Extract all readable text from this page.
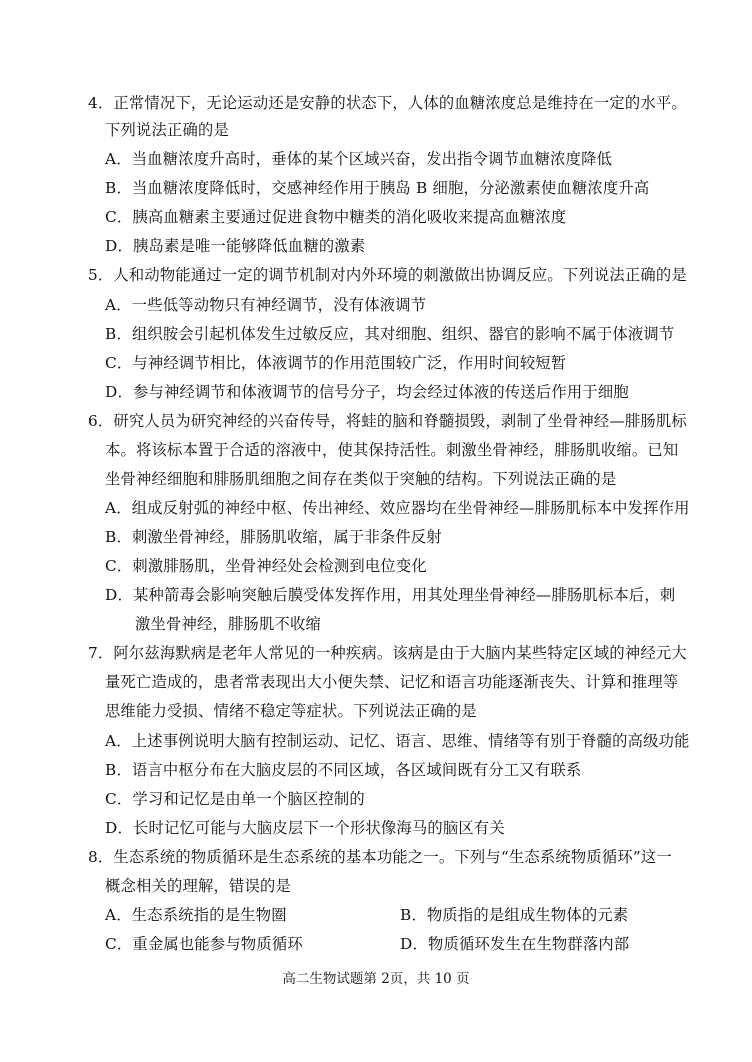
4．正常情况下，无论运动还是安静的状态下，人体的血糖浓度总是维持在一定的水平。
下列说法正确的是
A．当血糖浓度升高时，垂体的某个区域兴奋，发出指令调节血糖浓度降低
B．当血糖浓度降低时，交感神经作用于胰岛 B 细胞，分泌激素使血糖浓度升高
C．胰高血糖素主要通过促进食物中糖类的消化吸收来提高血糖浓度
D．胰岛素是唯一能够降低血糖的激素
5．人和动物能通过一定的调节机制对内外环境的刺激做出协调反应。下列说法正确的是
A．一些低等动物只有神经调节，没有体液调节
B．组织胺会引起机体发生过敏反应，其对细胞、组织、器官的影响不属于体液调节
C．与神经调节相比，体液调节的作用范围较广泛，作用时间较短暂
D．参与神经调节和体液调节的信号分子，均会经过体液的传送后作用于细胞
6．研究人员为研究神经的兴奋传导，将蛙的脑和脊髓损毁，剥制了坐骨神经—腓肠肌标
本。将该标本置于合适的溶液中，使其保持活性。刺激坐骨神经，腓肠肌收缩。已知
坐骨神经细胞和腓肠肌细胞之间存在类似于突触的结构。下列说法正确的是
A．组成反射弧的神经中枢、传出神经、效应器均在坐骨神经—腓肠肌标本中发挥作用
B．刺激坐骨神经，腓肠肌收缩，属于非条件反射
C．刺激腓肠肌，坐骨神经处会检测到电位变化
D．某种箭毒会影响突触后膜受体发挥作用，用其处理坐骨神经—腓肠肌标本后，刺
激坐骨神经，腓肠肌不收缩
7．阿尔兹海默病是老年人常见的一种疾病。该病是由于大脑内某些特定区域的神经元大
量死亡造成的，患者常表现出大小便失禁、记忆和语言功能逐渐丧失、计算和推理等
思维能力受损、情绪不稳定等症状。下列说法正确的是
A．上述事例说明大脑有控制运动、记忆、语言、思维、情绪等有别于脊髓的高级功能
B．语言中枢分布在大脑皮层的不同区域，各区域间既有分工又有联系
C．学习和记忆是由单一个脑区控制的
D．长时记忆可能与大脑皮层下一个形状像海马的脑区有关
8．生态系统的物质循环是生态系统的基本功能之一。下列与“生态系统物质循环”这一
概念相关的理解，错误的是
A．生态系统指的是生物圈	B．物质指的是组成生物体的元素
C．重金属也能参与物质循环	D．物质循环发生在生物群落内部
高二生物试题第 2页，共 10 页
